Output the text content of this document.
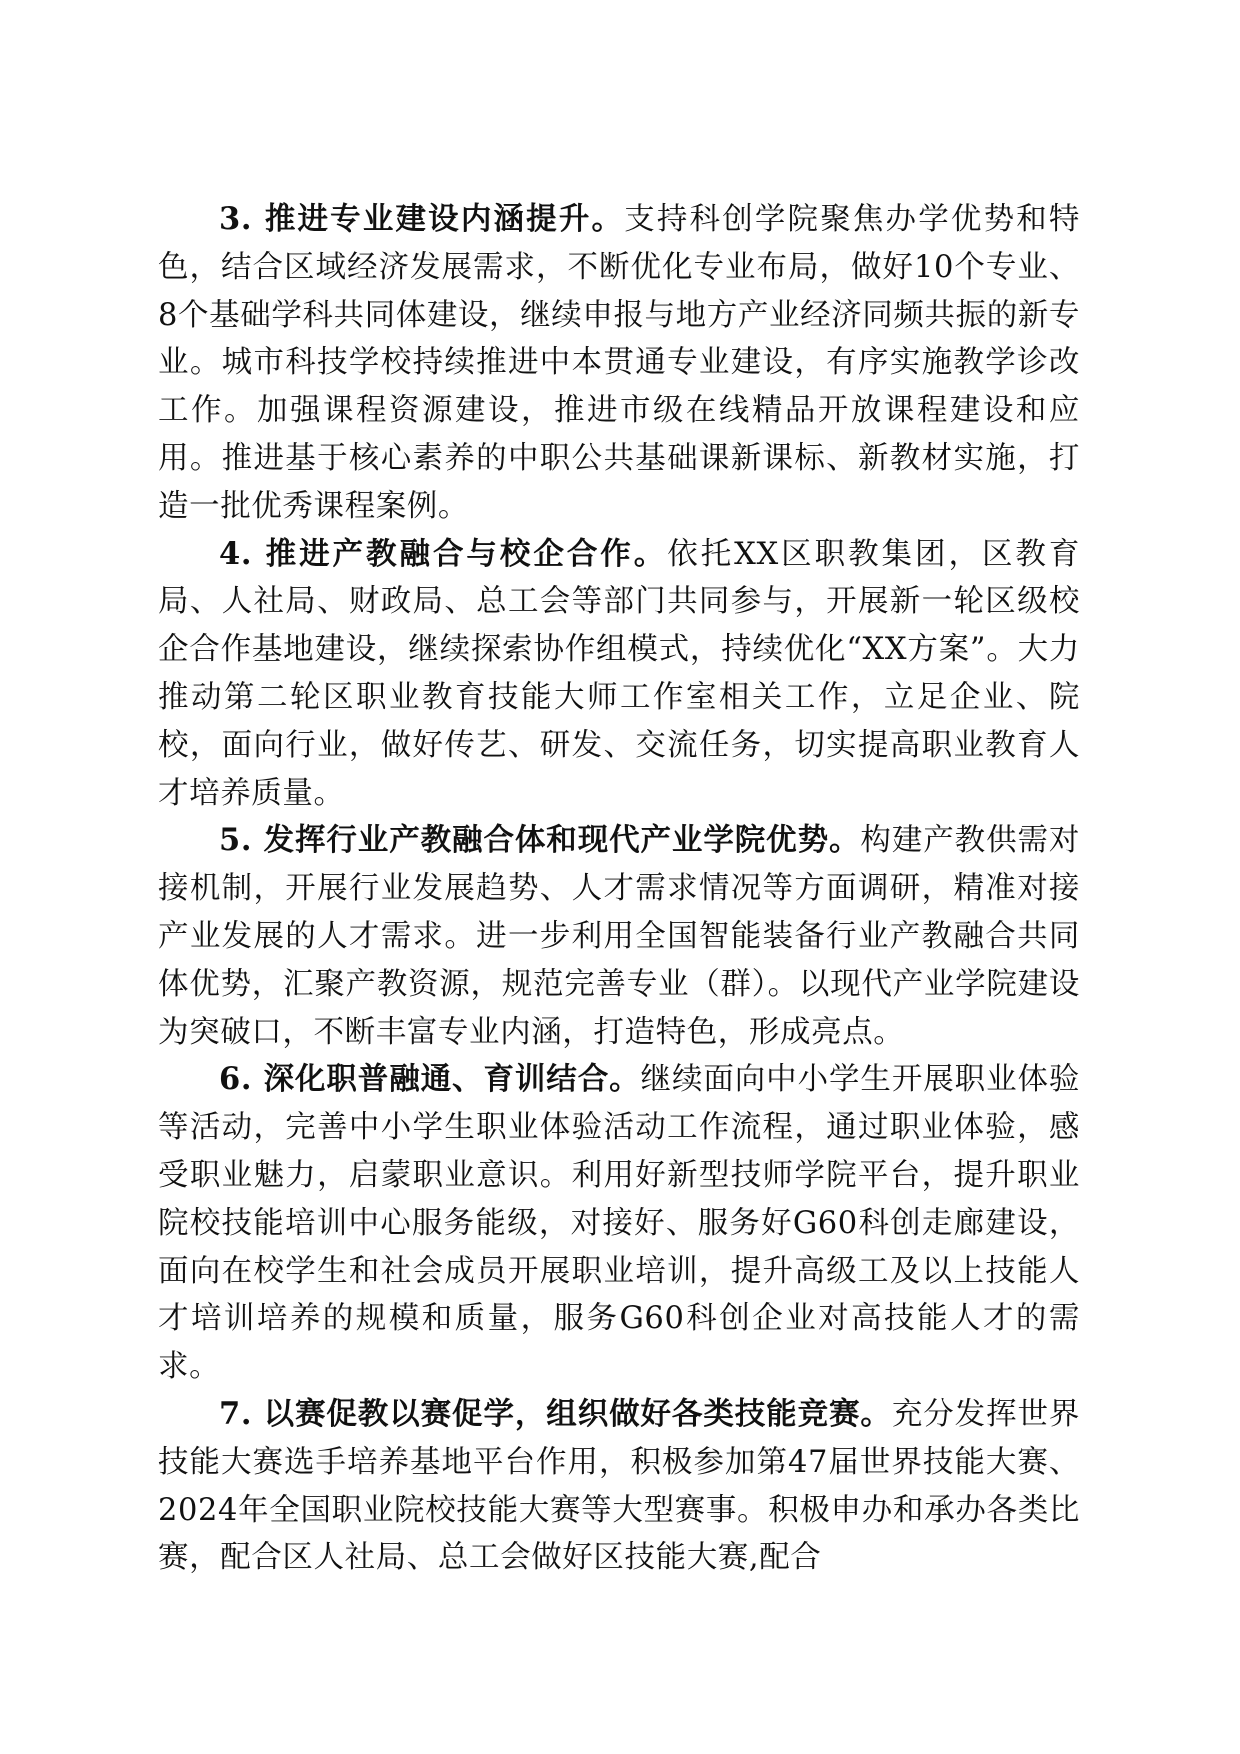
3. 推进专业建设内涵提升。支持科创学院聚焦办学优势和特色，结合区域经济发展需求，不断优化专业布局，做好10个专业、8个基础学科共同体建设，继续申报与地方产业经济同频共振的新专业。城市科技学校持续推进中本贯通专业建设，有序实施教学诊改工作。加强课程资源建设，推进市级在线精品开放课程建设和应用。推进基于核心素养的中职公共基础课新课标、新教材实施，打造一批优秀课程案例。

4. 推进产教融合与校企合作。依托XX区职教集团，区教育局、人社局、财政局、总工会等部门共同参与，开展新一轮区级校企合作基地建设，继续探索协作组模式，持续优化“XX方案”。大力推动第二轮区职业教育技能大师工作室相关工作，立足企业、院校，面向行业，做好传艺、研发、交流任务，切实提高职业教育人才培养质量。

5. 发挥行业产教融合体和现代产业学院优势。构建产教供需对接机制，开展行业发展趋势、人才需求情况等方面调研，精准对接产业发展的人才需求。进一步利用全国智能装备行业产教融合共同体优势，汇聚产教资源，规范完善专业（群）。以现代产业学院建设为突破口，不断丰富专业内涵，打造特色，形成亮点。

6. 深化职普融通、育训结合。继续面向中小学生开展职业体验等活动，完善中小学生职业体验活动工作流程，通过职业体验，感受职业魅力，启蒙职业意识。利用好新型技师学院平台，提升职业院校技能培训中心服务能级，对接好、服务好G60科创走廊建设，面向在校学生和社会成员开展职业培训，提升高级工及以上技能人才培训培养的规模和质量，服务G60科创企业对高技能人才的需求。

7. 以赛促教以赛促学，组织做好各类技能竞赛。充分发挥世界技能大赛选手培养基地平台作用，积极参加第47届世界技能大赛、2024年全国职业院校技能大赛等大型赛事。积极申办和承办各类比赛，配合区人社局、总工会做好区技能大赛,配合
